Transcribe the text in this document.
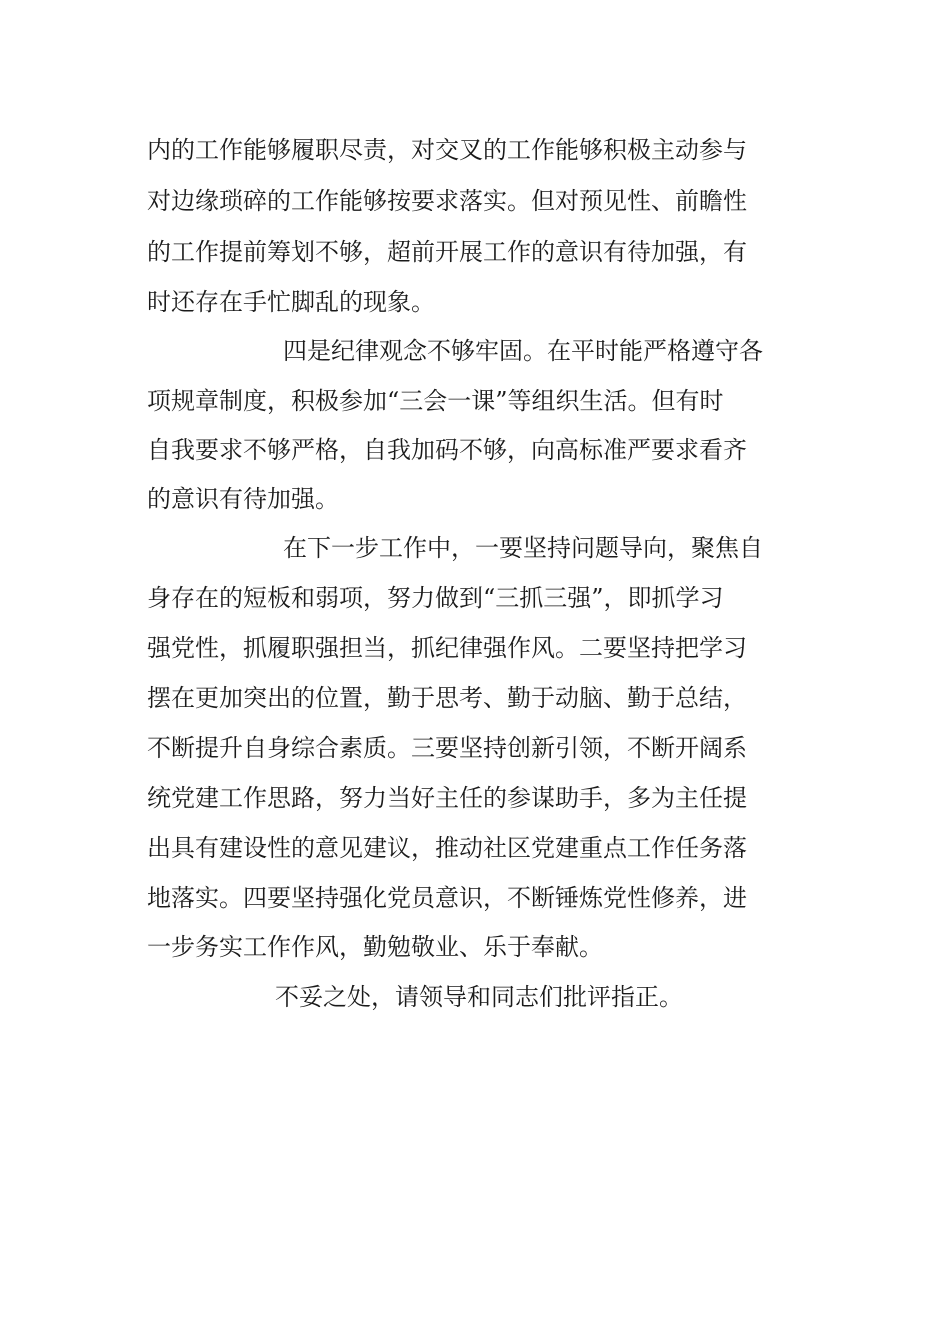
内的工作能够履职尽责，对交叉的工作能够积极主动参与

对边缘琐碎的工作能够按要求落实。但对预见性、前瞻性

的工作提前筹划不够，超前开展工作的意识有待加强，有

时还存在手忙脚乱的现象。

四是纪律观念不够牢固。在平时能严格遵守各

项规章制度，积极参加“三会一课”等组织生活。但有时

自我要求不够严格，自我加码不够，向高标准严要求看齐

的意识有待加强。

在下一步工作中，一要坚持问题导向，聚焦自

身存在的短板和弱项，努力做到“三抓三强”，即抓学习

强党性，抓履职强担当，抓纪律强作风。二要坚持把学习

摆在更加突出的位置，勤于思考、勤于动脑、勤于总结，

不断提升自身综合素质。三要坚持创新引领，不断开阔系

统党建工作思路，努力当好主任的参谋助手，多为主任提

出具有建设性的意见建议，推动社区党建重点工作任务落

地落实。四要坚持强化党员意识，不断锤炼党性修养，进

一步务实工作作风，勤勉敬业、乐于奉献。

不妥之处，请领导和同志们批评指正。
